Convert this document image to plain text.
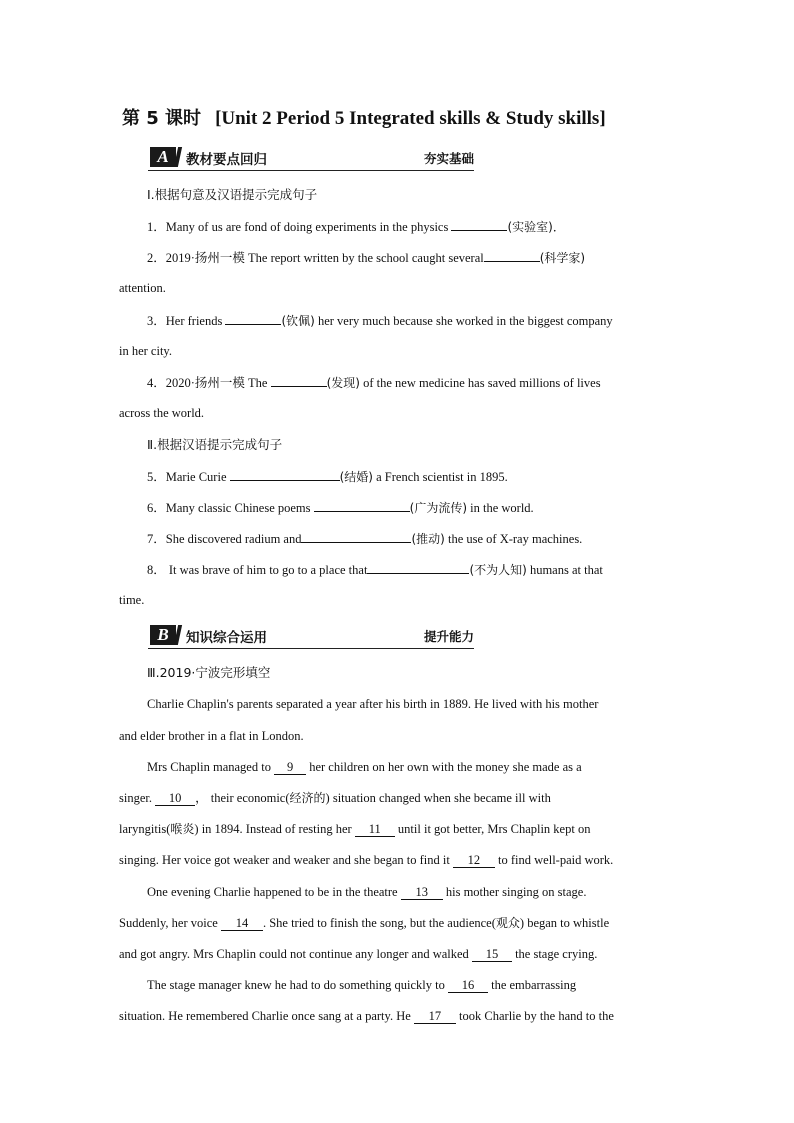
第 5 课时 [Unit 2 Period 5 Integrated skills & Study skills]
A	教材要点回归	夯实基础
Ⅰ.根据句意及汉语提示完成句子
1．Many of us are fond of doing experiments in the physics	(实验室)．
2．2019·扬州一模 The report written by the school caught several	(科学家)
attention.
3．Her friends	(钦佩) her very much because she worked in the biggest company
in her city.
4．2020·扬州一模 The	(发现) of the new medicine has saved millions of lives
across the world.
Ⅱ.根据汉语提示完成句子
5．Marie Curie	(结婚) a French scientist in 1895.
6．Many classic Chinese poems	(广为流传) in the world.
7．She discovered radium and	(推动) the use of X-ray machines.
8． It was brave of him to go to a place that	(不为人知) humans at that
time.
B	知识综合运用	提升能力
Ⅲ.2019·宁波完形填空
Charlie Chaplin's parents separated a year after his birth in 1889. He lived with his mother
and elder brother in a flat in London.
Mrs Chaplin managed to 9 her children on her own with the money she made as a
singer. 10 ， their economic(经济的) situation changed when she became ill with
laryngitis(喉炎) in 1894. Instead of resting her 11 until it got better, Mrs Chaplin kept on
singing. Her voice got weaker and weaker and she began to find it 12 to find well-paid work.
One evening Charlie happened to be in the theatre 13 his mother singing on stage.
Suddenly, her voice 14 . She tried to finish the song, but the audience(观众) began to whistle
and got angry. Mrs Chaplin could not continue any longer and walked 15 the stage crying.
The stage manager knew he had to do something quickly to 16 the embarrassing
situation. He remembered Charlie once sang at a party. He 17 took Charlie by the hand to the
